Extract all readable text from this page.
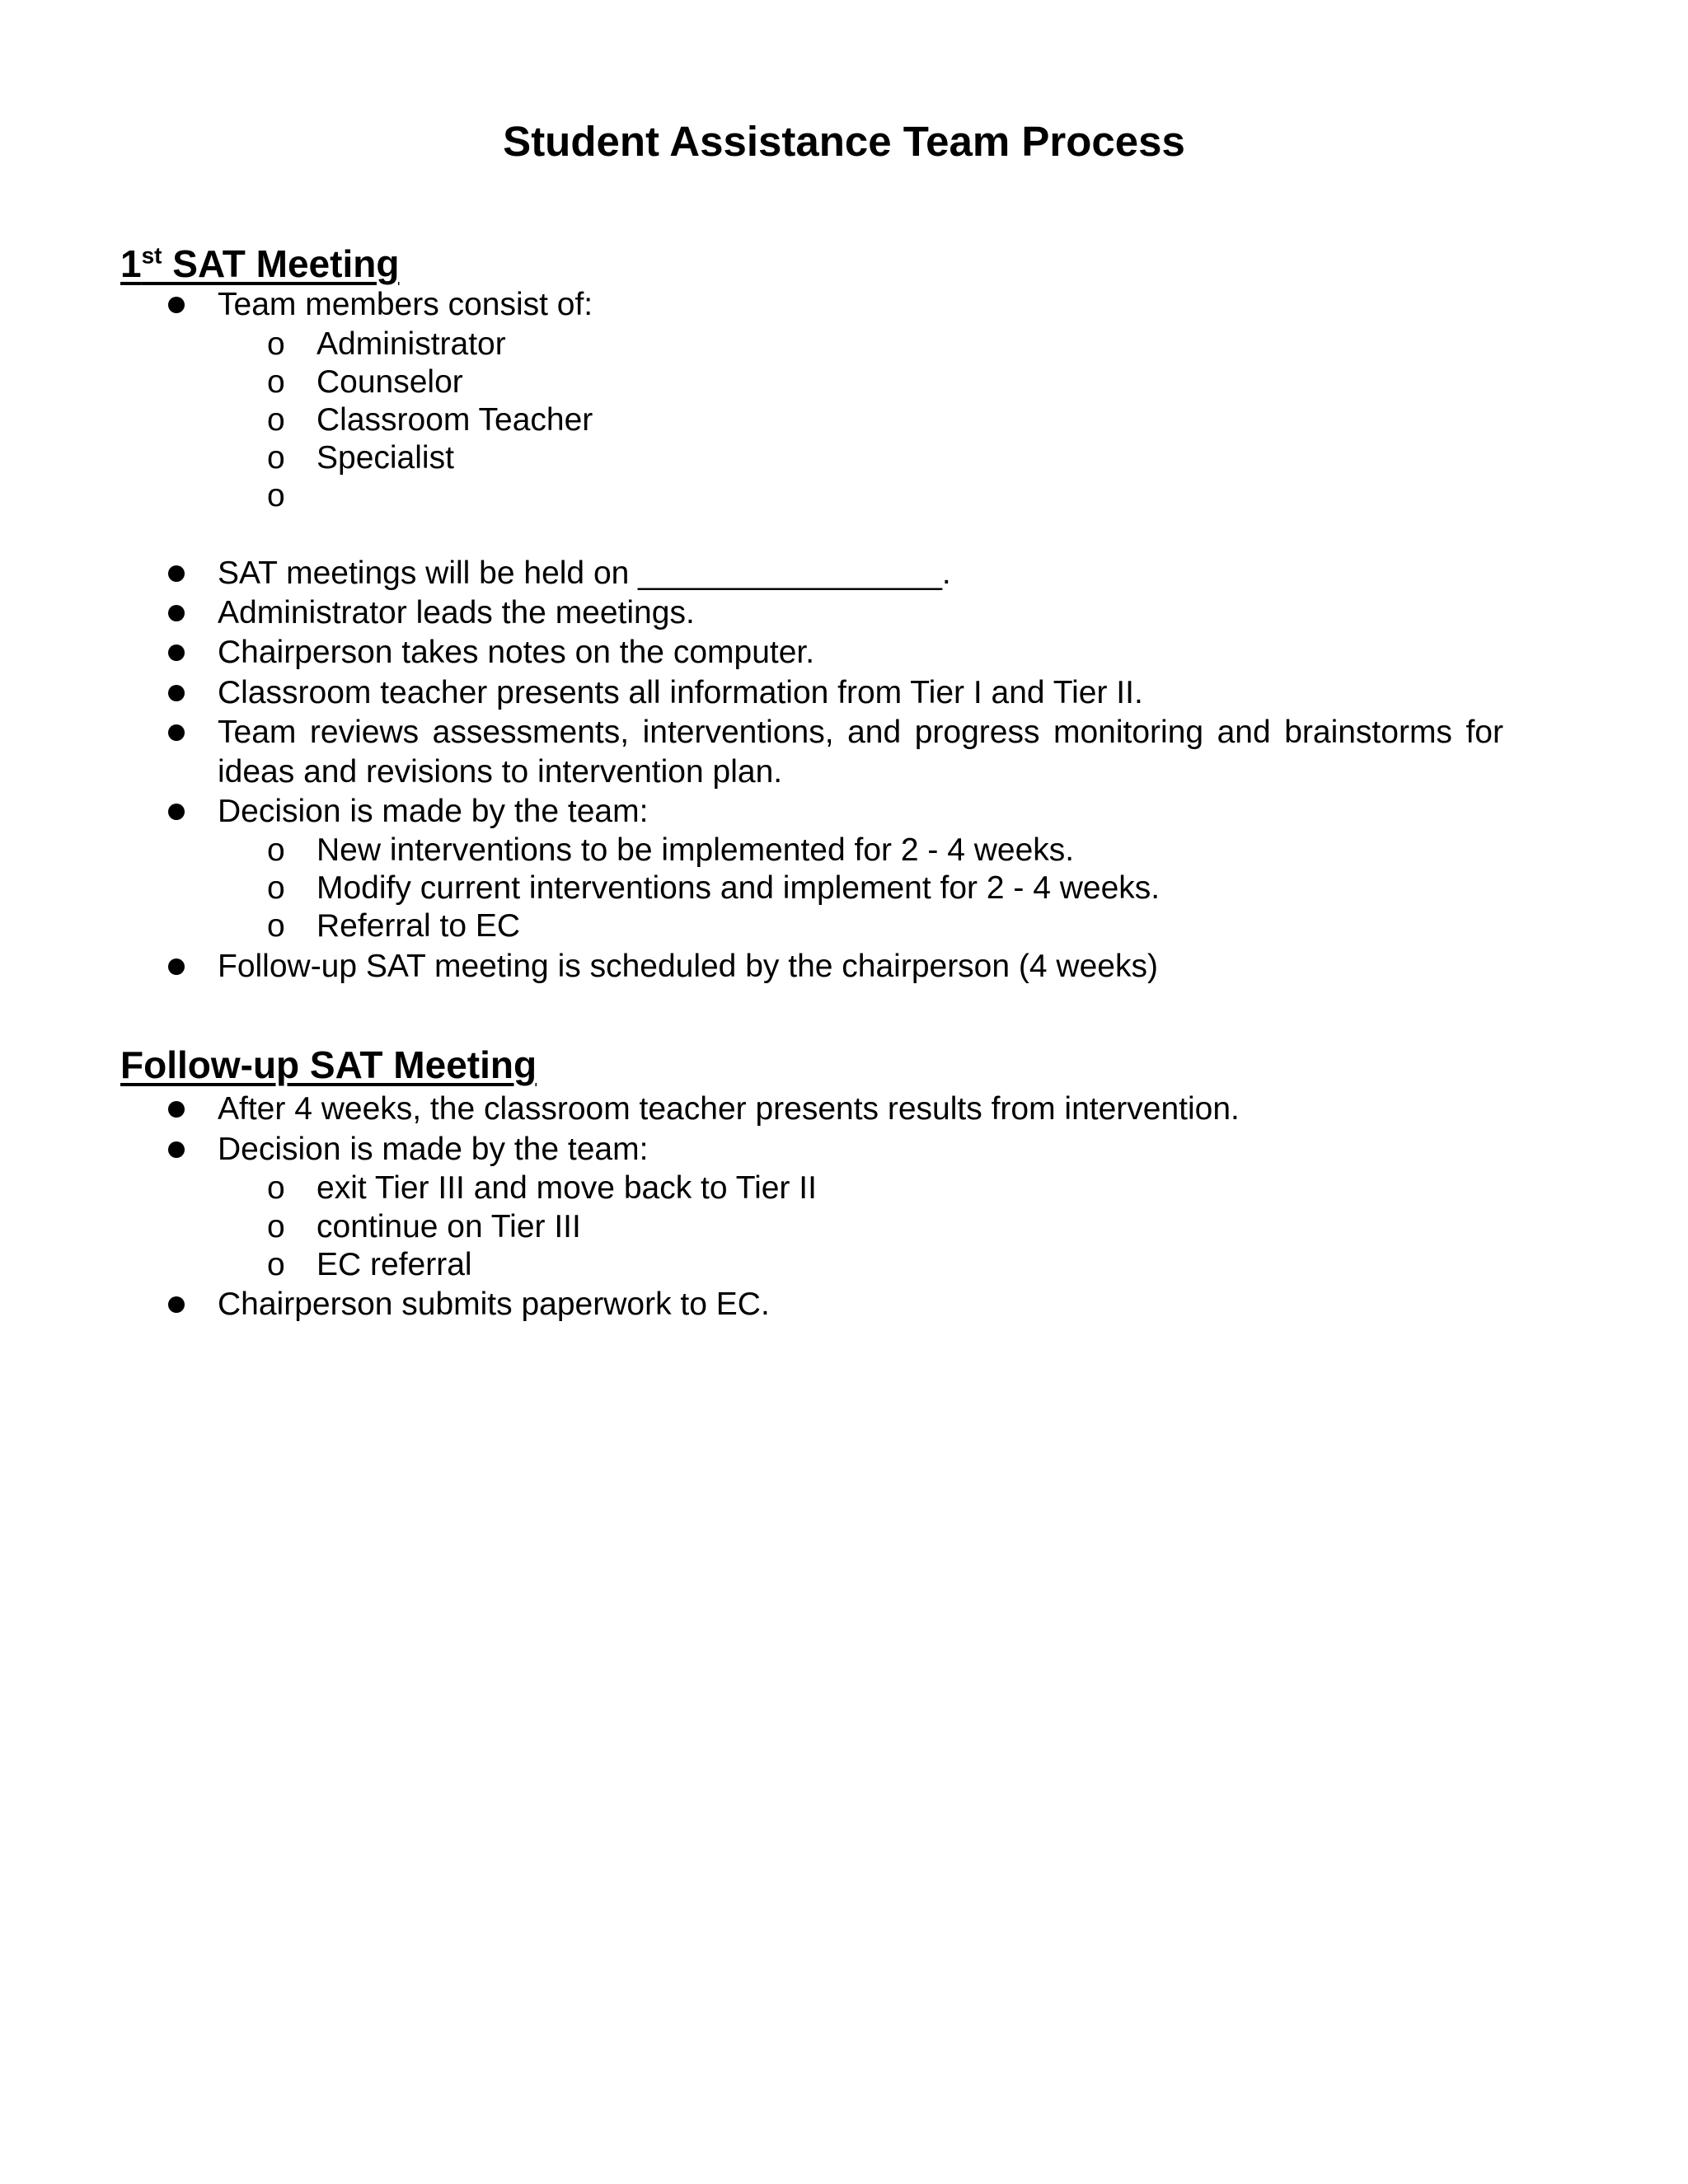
Student Assistance Team Process
1st SAT Meeting
Team members consist of:
o Administrator
o Counselor
o Classroom Teacher
o Specialist
o
SAT meetings will be held on _________________.
Administrator leads the meetings.
Chairperson takes notes on the computer.
Classroom teacher presents all information from Tier I and Tier II.
Team reviews assessments, interventions, and progress monitoring and brainstorms for ideas and revisions to intervention plan.
Decision is made by the team:
o New interventions to be implemented for 2 - 4 weeks.
o Modify current interventions and implement for 2 - 4 weeks.
o Referral to EC
Follow-up SAT meeting is scheduled by the chairperson (4 weeks)
Follow-up SAT Meeting
After 4 weeks, the classroom teacher presents results from intervention.
Decision is made by the team:
o exit Tier III and move back to Tier II
o continue on Tier III
o EC referral
Chairperson submits paperwork to EC.
